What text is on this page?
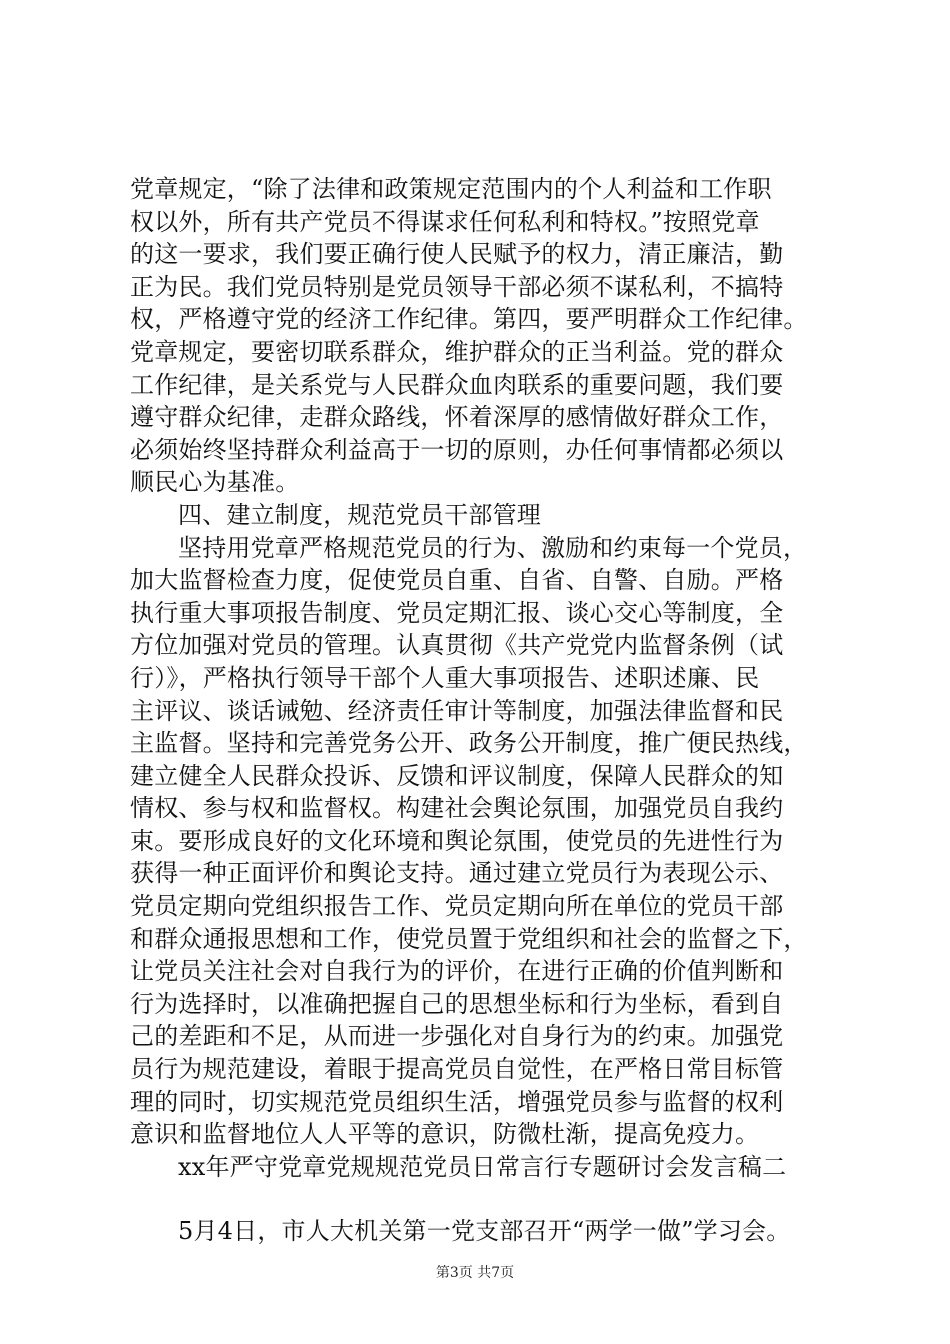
党章规定，“除了法律和政策规定范围内的个人利益和工作职
权以外，所有共产党员不得谋求任何私利和特权。”按照党章
的这一要求，我们要正确行使人民赋予的权力，清正廉洁，勤
正为民。我们党员特别是党员领导干部必须不谋私利，不搞特
权，严格遵守党的经济工作纪律。第四，要严明群众工作纪律。
党章规定，要密切联系群众，维护群众的正当利益。党的群众
工作纪律，是关系党与人民群众血肉联系的重要问题，我们要
遵守群众纪律，走群众路线，怀着深厚的感情做好群众工作，
必须始终坚持群众利益高于一切的原则，办任何事情都必须以
顺民心为基准。
四、建立制度，规范党员干部管理
坚持用党章严格规范党员的行为、激励和约束每一个党员，
加大监督检查力度，促使党员自重、自省、自警、自励。严格
执行重大事项报告制度、党员定期汇报、谈心交心等制度，全
方位加强对党员的管理。认真贯彻《共产党党内监督条例（试
行）》，严格执行领导干部个人重大事项报告、述职述廉、民
主评议、谈话诫勉、经济责任审计等制度，加强法律监督和民
主监督。坚持和完善党务公开、政务公开制度，推广便民热线，
建立健全人民群众投诉、反馈和评议制度，保障人民群众的知
情权、参与权和监督权。构建社会舆论氛围，加强党员自我约
束。要形成良好的文化环境和舆论氛围，使党员的先进性行为
获得一种正面评价和舆论支持。通过建立党员行为表现公示、
党员定期向党组织报告工作、党员定期向所在单位的党员干部
和群众通报思想和工作，使党员置于党组织和社会的监督之下，
让党员关注社会对自我行为的评价，在进行正确的价值判断和
行为选择时，以准确把握自己的思想坐标和行为坐标，看到自
己的差距和不足，从而进一步强化对自身行为的约束。加强党
员行为规范建设，着眼于提高党员自觉性，在严格日常目标管
理的同时，切实规范党员组织生活，增强党员参与监督的权利
意识和监督地位人人平等的意识，防微杜渐，提高免疫力。
xx年严守党章党规规范党员日常言行专题研讨会发言稿二
5月4日，市人大机关第一党支部召开“两学一做”学习会。
第3页 共7页
